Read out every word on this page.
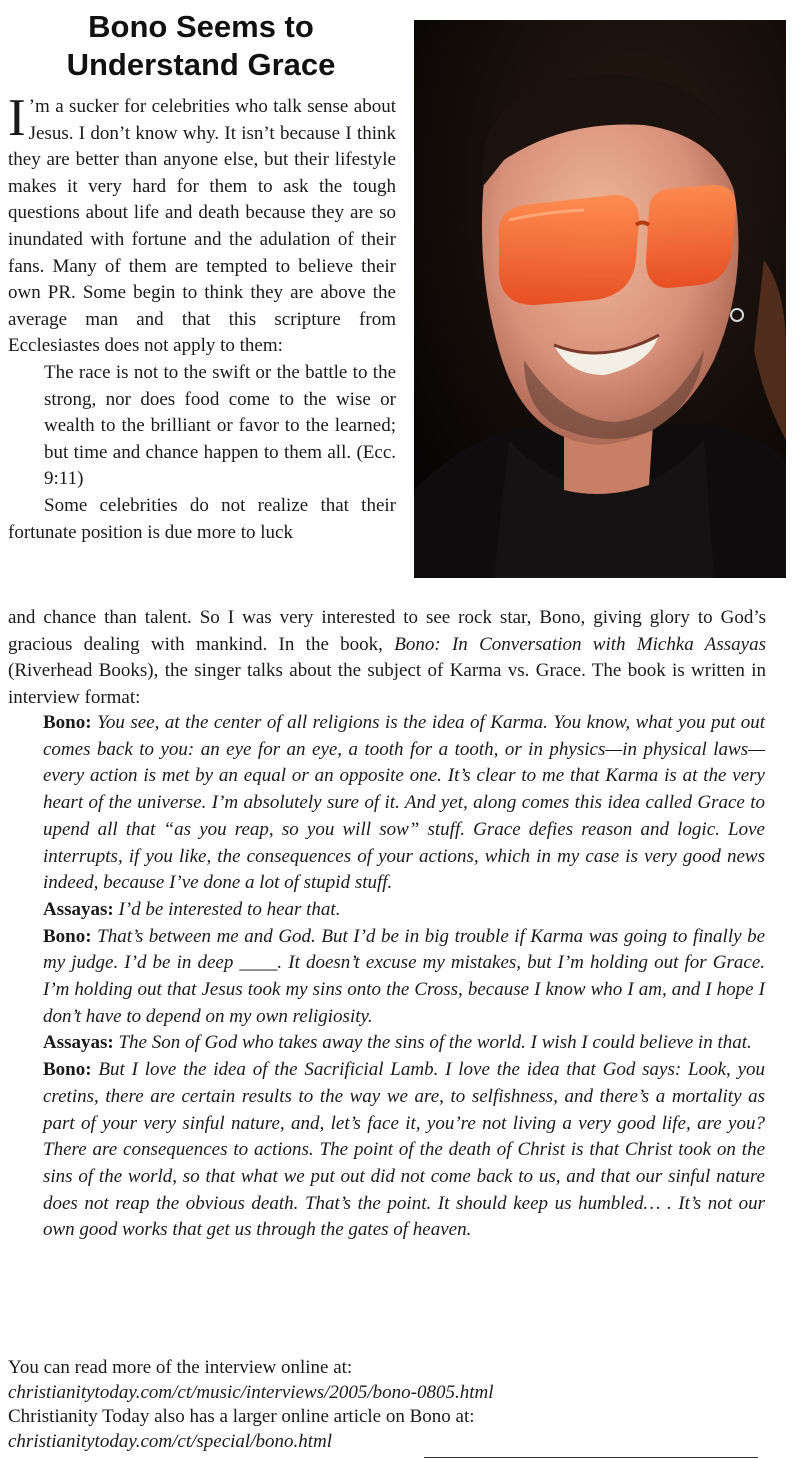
Bono Seems to
Understand Grace

I ’m a sucker for celebrities who talk sense about Jesus. I don’t know why. It isn’t because I think they are better than anyone else, but their lifestyle makes it very hard for them to ask the tough questions about life and death because they are so inundated with fortune and the adulation of their fans. Many of them are tempted to believe their own PR. Some begin to think they are above the average man and that this scripture from Ecclesiastes does not apply to them:

The race is not to the swift or the battle to the strong, nor does food come to the wise or wealth to the brilliant or favor to the learned; but time and chance happen to them all. (Ecc. 9:11)

Some celebrities do not realize that their fortunate position is due more to luck

and chance than talent. So I was very interested to see rock star, Bono, giving glory to God’s gracious dealing with mankind. In the book, Bono: In Conversation with Michka Assayas (Riverhead Books), the singer talks about the subject of Karma vs. Grace. The book is written in interview format:

Bono: You see, at the center of all religions is the idea of Karma. You know, what you put out comes back to you: an eye for an eye, a tooth for a tooth, or in physics—in physical laws—every action is met by an equal or an opposite one. It’s clear to me that Karma is at the very heart of the universe. I’m absolutely sure of it. And yet, along comes this idea called Grace to upend all that “as you reap, so you will sow” stuff. Grace defies reason and logic. Love interrupts, if you like, the consequences of your actions, which in my case is very good news indeed, because I’ve done a lot of stupid stuff.

Assayas: I’d be interested to hear that.

Bono: That’s between me and God. But I’d be in big trouble if Karma was going to finally be my judge. I’d be in deep ____. It doesn’t excuse my mistakes, but I’m holding out for Grace. I’m holding out that Jesus took my sins onto the Cross, because I know who I am, and I hope I don’t have to depend on my own religiosity.

Assayas: The Son of God who takes away the sins of the world. I wish I could believe in that.

Bono: But I love the idea of the Sacrificial Lamb. I love the idea that God says: Look, you cretins, there are certain results to the way we are, to selfishness, and there’s a mortality as part of your very sinful nature, and, let’s face it, you’re not living a very good life, are you? There are consequences to actions. The point of the death of Christ is that Christ took on the sins of the world, so that what we put out did not come back to us, and that our sinful nature does not reap the obvious death. That’s the point. It should keep us humbled… . It’s not our own good works that get us through the gates of heaven.

You can read more of the interview online at:

christianitytoday.com/ct/music/interviews/2005/bono-0805.html

Christianity Today also has a larger online article on Bono at:

christianitytoday.com/ct/special/bono.html
